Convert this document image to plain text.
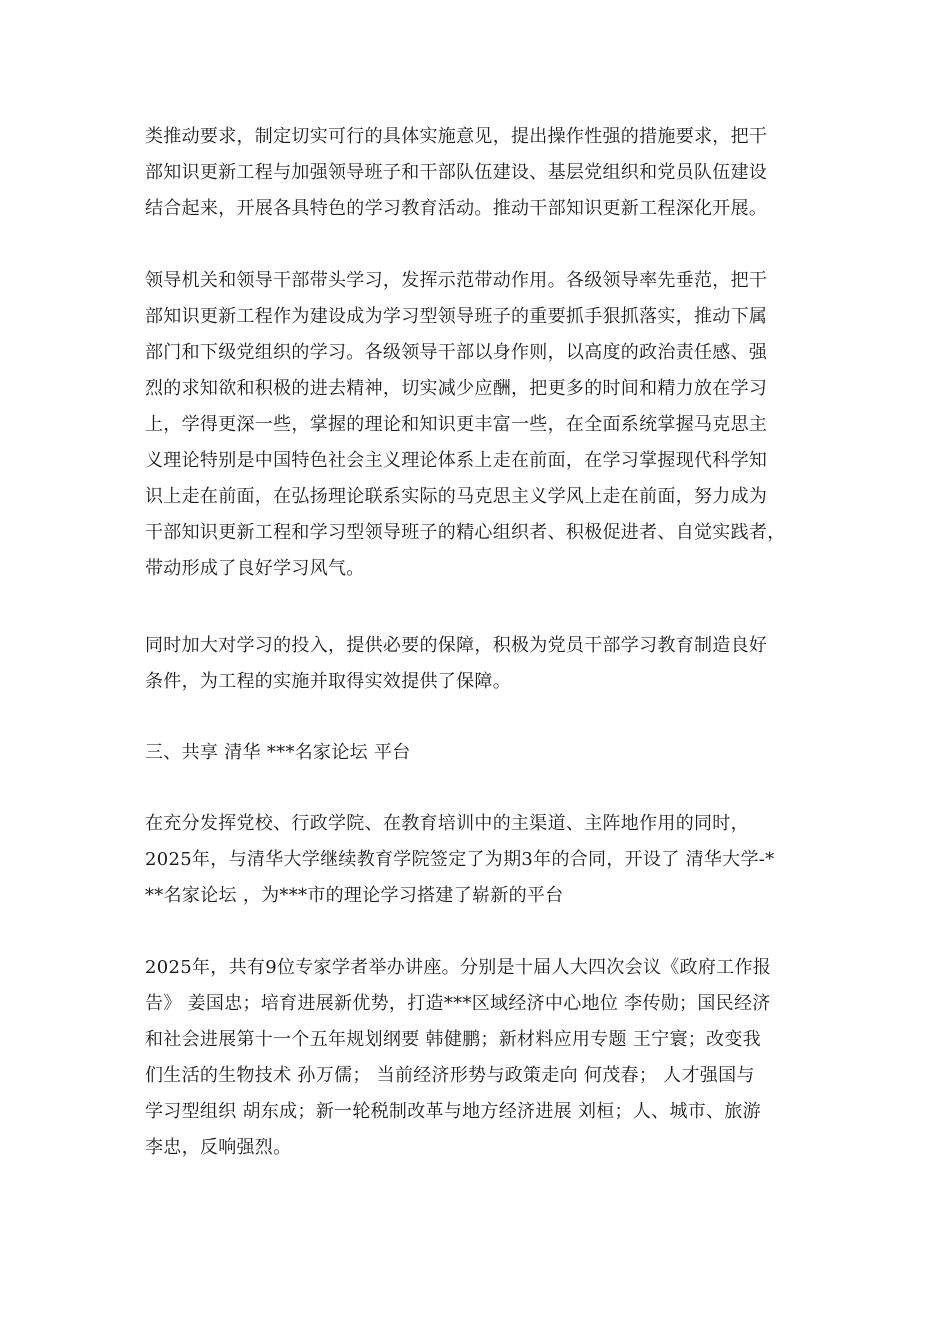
类推动要求，制定切实可行的具体实施意见，提出操作性强的措施要求，把干
部知识更新工程与加强领导班子和干部队伍建设、基层党组织和党员队伍建设
结合起来，开展各具特色的学习教育活动。推动干部知识更新工程深化开展。
领导机关和领导干部带头学习，发挥示范带动作用。各级领导率先垂范，把干
部知识更新工程作为建设成为学习型领导班子的重要抓手狠抓落实，推动下属
部门和下级党组织的学习。各级领导干部以身作则，以高度的政治责任感、强
烈的求知欲和积极的进去精神，切实减少应酬，把更多的时间和精力放在学习
上，学得更深一些，掌握的理论和知识更丰富一些，在全面系统掌握马克思主
义理论特别是中国特色社会主义理论体系上走在前面，在学习掌握现代科学知
识上走在前面，在弘扬理论联系实际的马克思主义学风上走在前面，努力成为
干部知识更新工程和学习型领导班子的精心组织者、积极促进者、自觉实践者，
带动形成了良好学习风气。
同时加大对学习的投入，提供必要的保障，积极为党员干部学习教育制造良好
条件，为工程的实施并取得实效提供了保障。
三、共享 清华 ***名家论坛 平台
在充分发挥党校、行政学院、在教育培训中的主渠道、主阵地作用的同时，
2025年，与清华大学继续教育学院签定了为期3年的合同，开设了 清华大学-*
**名家论坛 ，为***市的理论学习搭建了崭新的平台
2025年，共有9位专家学者举办讲座。分别是十届人大四次会议《政府工作报
告》 姜国忠；培育进展新优势，打造***区域经济中心地位 李传勋；国民经济
和社会进展第十一个五年规划纲要 韩健鹏；新材料应用专题 王宁寰；改变我
们生活的生物技术 孙万儒； 当前经济形势与政策走向 何茂春； 人才强国与
学习型组织 胡东成；新一轮税制改革与地方经济进展 刘桓；人、城市、旅游
李忠，反响强烈。
